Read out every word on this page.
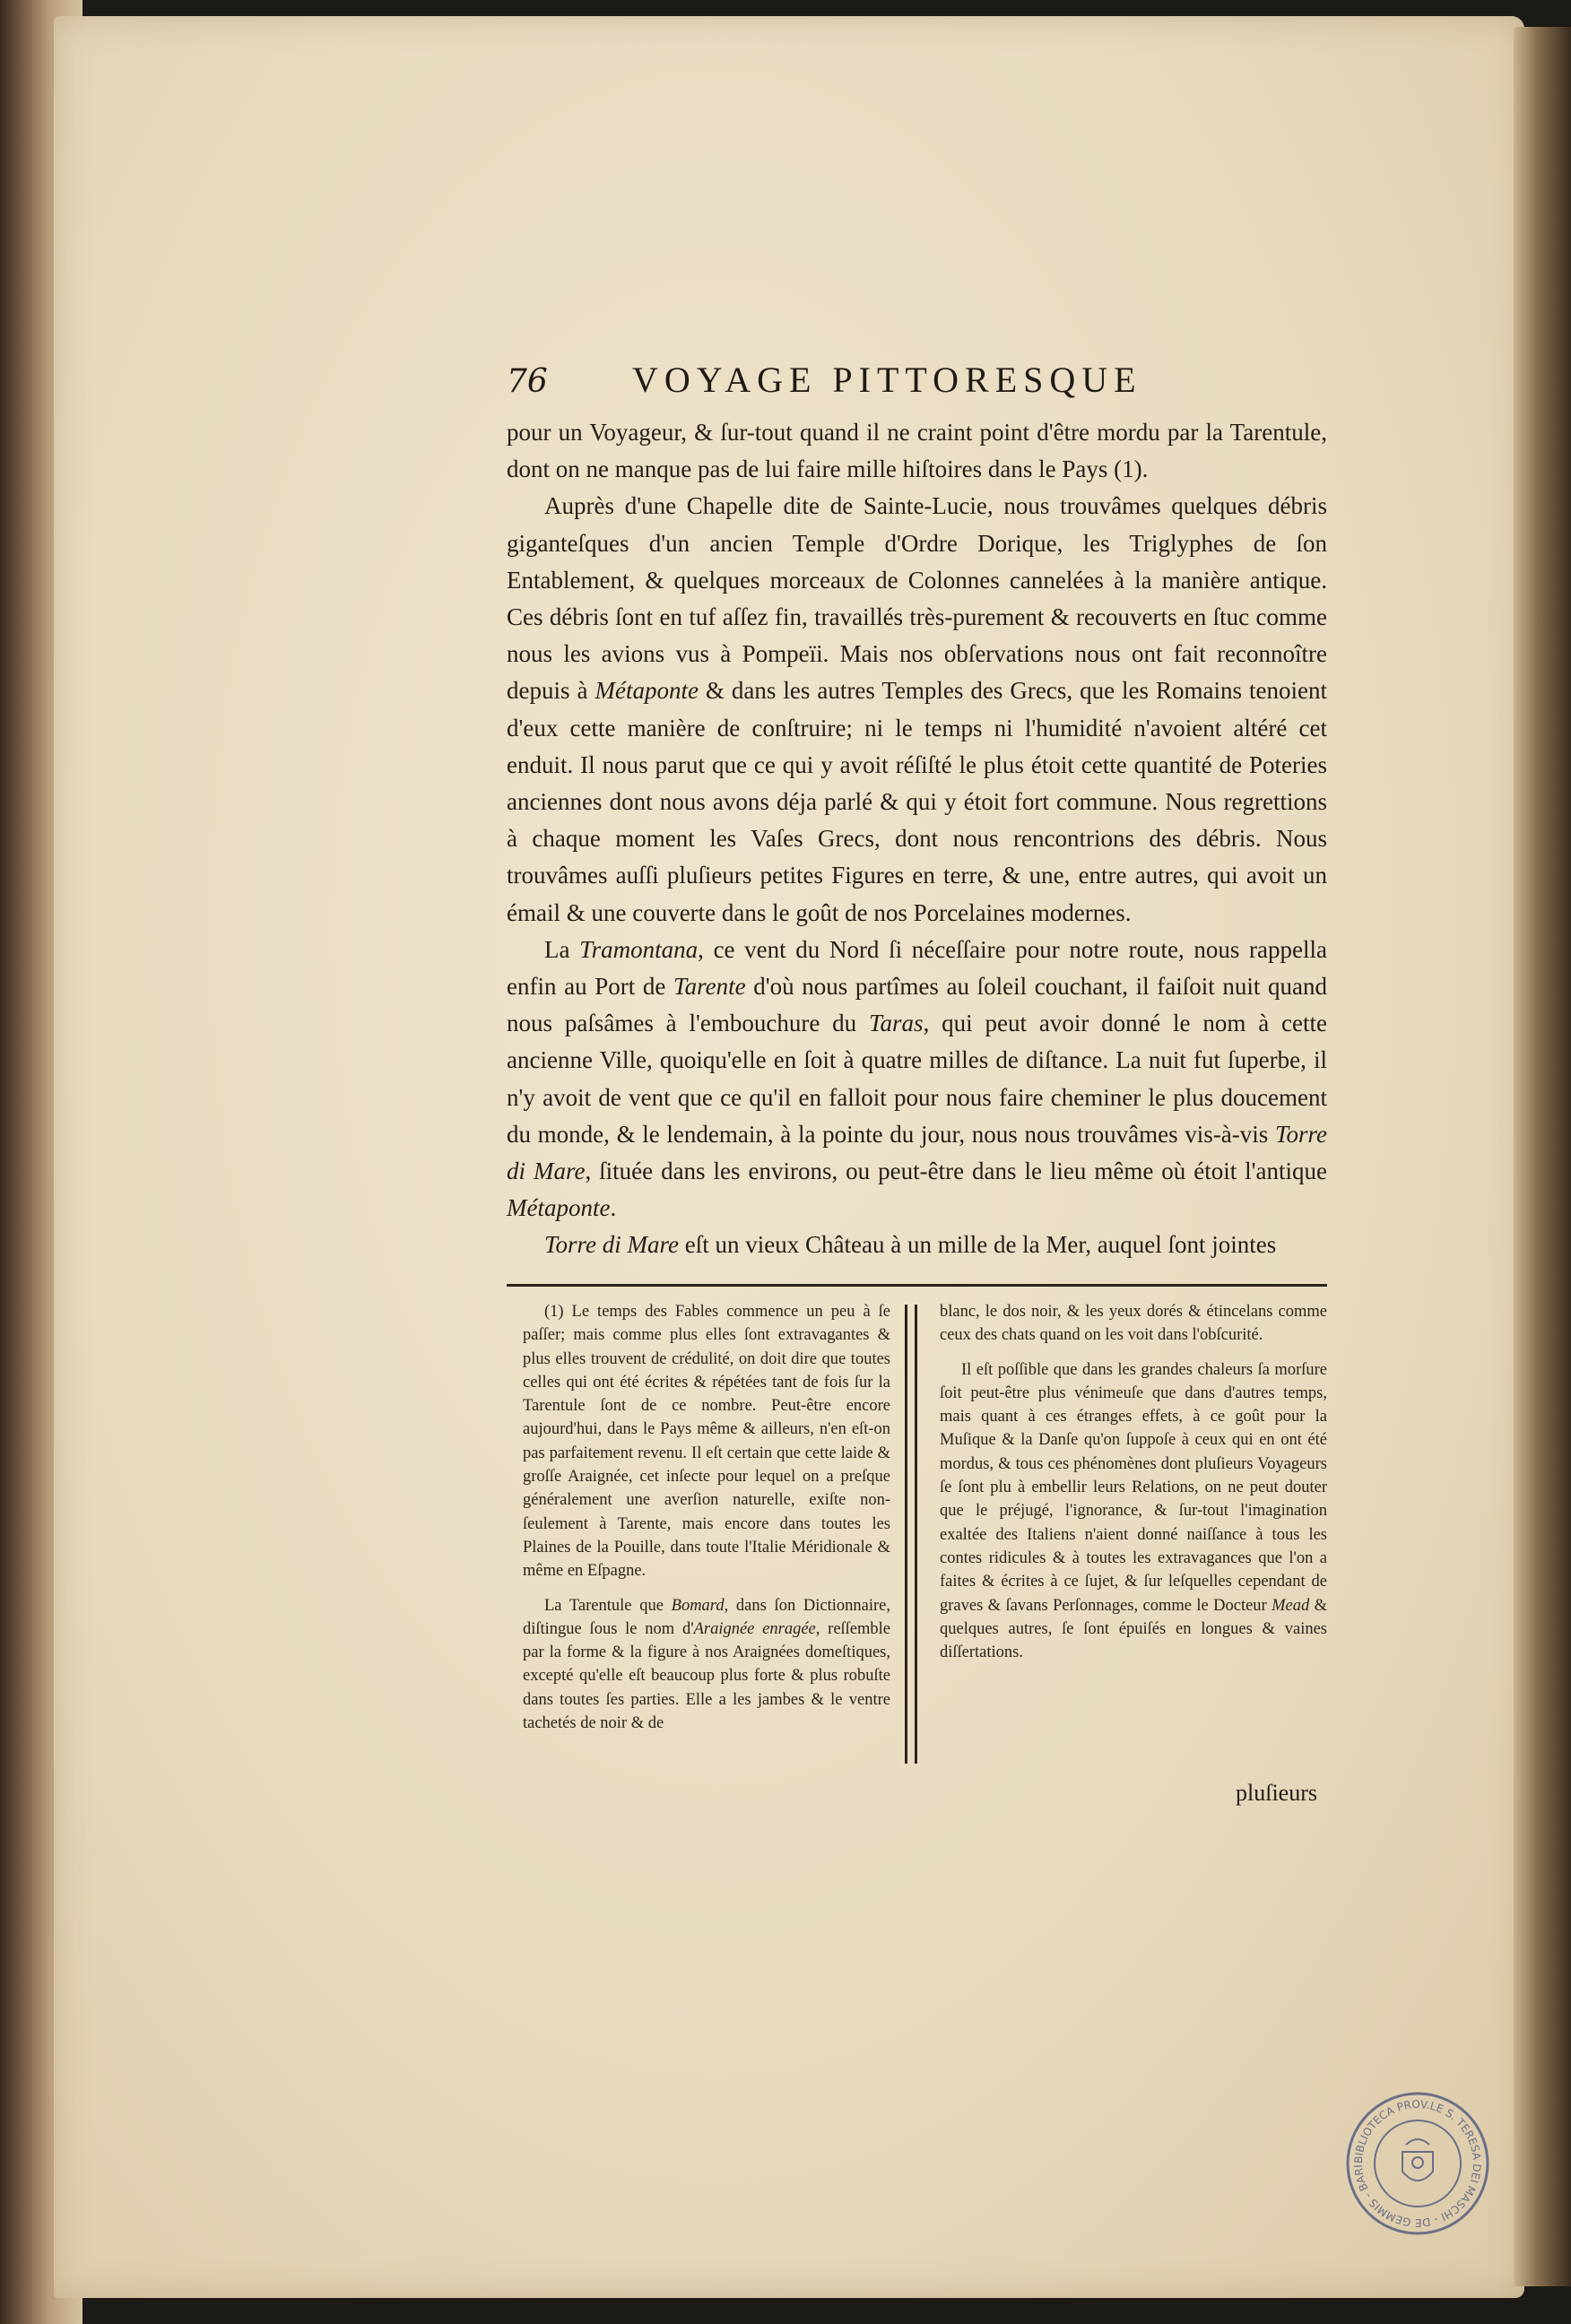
76	VOYAGE PITTORESQUE

pour un Voyageur, & ſur-tout quand il ne craint point d'être mordu par la Tarentule, dont on ne manque pas de lui faire mille hiſtoires dans le Pays (1).

Auprès d'une Chapelle dite de Sainte-Lucie, nous trouvâmes quelques débris giganteſques d'un ancien Temple d'Ordre Dorique, les Triglyphes de ſon Entablement, & quelques morceaux de Colonnes cannelées à la manière antique. Ces débris ſont en tuf aſſez fin, travaillés très-purement & recouverts en ſtuc comme nous les avions vus à Pompeïi. Mais nos obſervations nous ont fait reconnoître depuis à Métaponte & dans les autres Temples des Grecs, que les Romains tenoient d'eux cette manière de conſtruire; ni le temps ni l'humidité n'avoient altéré cet enduit. Il nous parut que ce qui y avoit réſiſté le plus étoit cette quantité de Poteries anciennes dont nous avons déja parlé & qui y étoit fort commune. Nous regrettions à chaque moment les Vaſes Grecs, dont nous rencontrions des débris. Nous trouvâmes auſſi pluſieurs petites Figures en terre, & une, entre autres, qui avoit un émail & une couverte dans le goût de nos Porcelaines modernes.

La Tramontana, ce vent du Nord ſi néceſſaire pour notre route, nous rappella enfin au Port de Tarente d'où nous partîmes au ſoleil couchant, il faiſoit nuit quand nous paſsâmes à l'embouchure du Taras, qui peut avoir donné le nom à cette ancienne Ville, quoiqu'elle en ſoit à quatre milles de diſtance. La nuit fut ſuperbe, il n'y avoit de vent que ce qu'il en falloit pour nous faire cheminer le plus doucement du monde, & le lendemain, à la pointe du jour, nous nous trouvâmes vis-à-vis Torre di Mare, ſituée dans les environs, ou peut-être dans le lieu même où étoit l'antique Métaponte.

Torre di Mare eſt un vieux Château à un mille de la Mer, auquel ſont jointes

(1) Le temps des Fables commence un peu à ſe paſſer; mais comme plus elles ſont extravagantes & plus elles trouvent de crédulité, on doit dire que toutes celles qui ont été écrites & répétées tant de fois ſur la Tarentule ſont de ce nombre. Peut-être encore aujourd'hui, dans le Pays même & ailleurs, n'en eſt-on pas parfaitement revenu. Il eſt certain que cette laide & groſſe Araignée, cet inſecte pour lequel on a preſque généralement une averſion naturelle, exiſte non-ſeulement à Tarente, mais encore dans toutes les Plaines de la Pouille, dans toute l'Italie Méridionale & même en Eſpagne.

La Tarentule que Bomard, dans ſon Dictionnaire, diſtingue ſous le nom d'Araignée enragée, reſſemble par la forme & la figure à nos Araignées domeſtiques, excepté qu'elle eſt beaucoup plus forte & plus robuſte dans toutes ſes parties. Elle a les jambes & le ventre tachetés de noir & de

blanc, le dos noir, & les yeux dorés & étincelans comme ceux des chats quand on les voit dans l'obſcurité.

Il eſt poſſible que dans les grandes chaleurs ſa morſure ſoit peut-être plus vénimeuſe que dans d'autres temps, mais quant à ces étranges effets, à ce goût pour la Muſique & la Danſe qu'on ſuppoſe à ceux qui en ont été mordus, & tous ces phénomènes dont pluſieurs Voyageurs ſe ſont plu à embellir leurs Relations, on ne peut douter que le préjugé, l'ignorance, & ſur-tout l'imagination exaltée des Italiens n'aient donné naiſſance à tous les contes ridicules & à toutes les extravagances que l'on a faites & écrites à ce ſujet, & ſur leſquelles cependant de graves & ſavans Perſonnages, comme le Docteur Mead & quelques autres, ſe ſont épuiſés en longues & vaines diſſertations.

pluſieurs
BIBLIOTECA PROV.LE S. TERESA DEI MASCHI - DE GEMMIS - BARI
